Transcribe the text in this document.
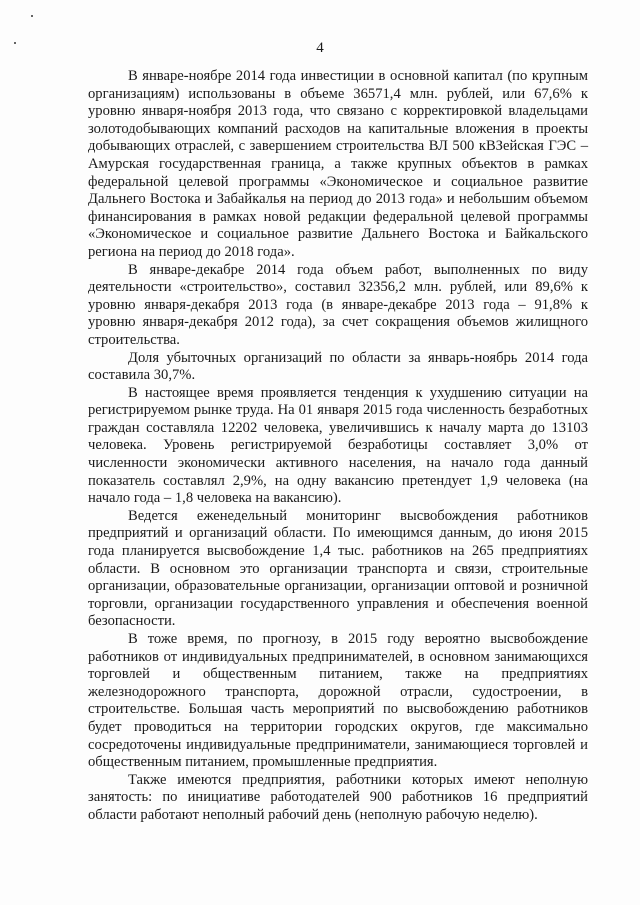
4

В январе-ноябре 2014 года инвестиции в основной капитал (по крупным организациям) использованы в объеме 36571,4 млн. рублей, или 67,6% к уровню января-ноября 2013 года, что связано с корректировкой владельцами золотодобывающих компаний расходов на капитальные вложения в проекты добывающих отраслей, с завершением строительства ВЛ 500 кВЗейская ГЭС – Амурская государственная граница, а также крупных объектов в рамках федеральной целевой программы «Экономическое и социальное развитие Дальнего Востока и Забайкалья на период до 2013 года» и небольшим объемом финансирования в рамках новой редакции федеральной целевой программы «Экономическое и социальное развитие Дальнего Востока и Байкальского региона на период до 2018 года».

В январе-декабре 2014 года объем работ, выполненных по виду деятельности «строительство», составил 32356,2 млн. рублей, или 89,6% к уровню января-декабря 2013 года (в январе-декабре 2013 года – 91,8% к уровню января-декабря 2012 года), за счет сокращения объемов жилищного строительства.

Доля убыточных организаций по области за январь-ноябрь 2014 года составила 30,7%.

В настоящее время проявляется тенденция к ухудшению ситуации на регистрируемом рынке труда. На 01 января 2015 года численность безработных граждан составляла 12202 человека, увеличившись к началу марта до 13103 человека. Уровень регистрируемой безработицы составляет 3,0% от численности экономически активного населения, на начало года данный показатель составлял 2,9%, на одну вакансию претендует 1,9 человека (на начало года – 1,8 человека на вакансию).

Ведется еженедельный мониторинг высвобождения работников предприятий и организаций области. По имеющимся данным, до июня 2015 года планируется высвобождение 1,4 тыс. работников на 265 предприятиях области. В основном это организации транспорта и связи, строительные организации, образовательные организации, организации оптовой и розничной торговли, организации государственного управления и обеспечения военной безопасности.

В тоже время, по прогнозу, в 2015 году вероятно высвобождение работников от индивидуальных предпринимателей, в основном занимающихся торговлей и общественным питанием, также на предприятиях железнодорожного транспорта, дорожной отрасли, судостроении, в строительстве. Большая часть мероприятий по высвобождению работников будет проводиться на территории городских округов, где максимально сосредоточены индивидуальные предприниматели, занимающиеся торговлей и общественным питанием, промышленные предприятия.

Также имеются предприятия, работники которых имеют неполную занятость: по инициативе работодателей 900 работников 16 предприятий области работают неполный рабочий день (неполную рабочую неделю).
